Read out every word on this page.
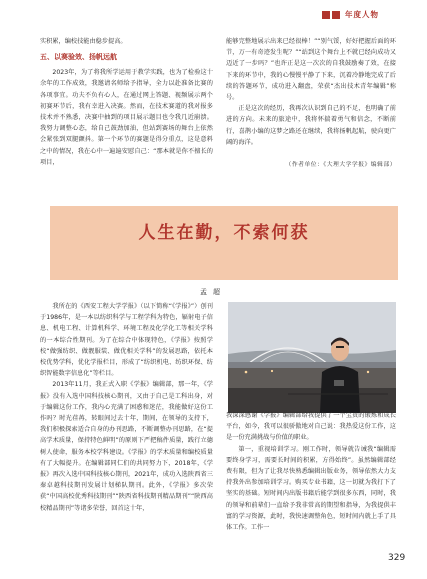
年度人物

实积累，编校技能由稳步提高。

五、以赛验效、扬帆远航

2023年，为了将我所学运用于教学实践，也为了检验这十余年的工作成效，我邀请名师给予指导，全力以赴准备比赛的各项事宜。功夫不负有心人，在通过网上答题、视频展示两个初赛环节后，我有幸进入决赛。然而，在技术赛道的我对报多技术并不熟悉，决赛中抽到的项目展示题目也令我几近崩溃。我努力调整心态，给自己鼓劲加油，但站到赛场的舞台上依然会紧张到双腿颤抖。第一个环节的赛题是得分重点，这是意料之中的情况，我在心中一遍遍安慰自己：“那本就是你不擅长的项目，

能够完整地展示出来已经很棒！”“别气馁，好好把握后面的环节，万一有奇迹发生呢？”“站到这个舞台上不就已经向成功又迈近了一步吗？”也许正是这一次次的自我鼓励奏了效，在接下来的环节中，我的心慢慢平静了下来，沉着冷静地完成了后续的答题环节，成功进入翻盘，荣获“杰出技术青年编辑”称号。

正是这次的经历，我再次认识到自己的不足，也明确了前进的方向。未来的旅途中，我将怀揣着勇气和信念，不断前行，喜鹊小编的这梦之路还在继续，我将扬帆起航，驶向更广阔的海洋。

（作者单位：《大理大学学报》编辑部）
人生在勤，不索何获
孟超

我所在的《西安工程大学学报》（以下简称“《学报》”）创刊于1986年，是一本以纺织科学与工程学科为特色，辐射电子信息、机电工程、计算机科学、环境工程及化学化工等相关学科的一本综合性期刊。为了在综合中体现特色，《学报》按照学校“做强纺织、做靓服装、做优相关学科”的发展思路，依托本校优势学科，优化学报栏目，形成了“纺织机电、纺织环保、纺织智能数字信息化”等栏目。

2013年11月，我正式入职《学报》编辑部，那一年，《学报》没有入选中国科技核心期刊，又由于自己是工科出身，对于编辑这份工作，我内心充满了困惑和迷茫，我能做好这份工作吗？时光荏苒，转眼间过去十年，期间，在领导的支持下，我们积极探索适合自身的办刊思路，不断调整办刊思路，在“提高学术质量，保持特色鲜明”的原则下严把稿件质量，践行立德树人使命，服务本校学科建设。《学报》的学术质量和编校质量有了大幅提升。在编辑部同仁们的共同努力下，2018年，《学报》再次入选中国科技核心期刊，2021年，成功入选陕西省三秦卓越科技期刊发展计划梯队期刊。此外，《学报》多次荣获“中国高校优秀科技期刊”“陕西省科技期刊精品期刊”“陕西高校精品期刊”等诸多荣誉，回首这十年，

我深深感谢《学报》编辑部给我提供了一个宝贵的锻炼和成长平台，如今，我可以很骄傲地对自己说：我热爱这份工作，这是一份充满挑战与价值的职业。

第一，重视培训学习。刚工作时，领导就告诫我“编辑需要终身学习，需要长时间的积累，方得始终”。虽然编辑部经费有限，但为了让我尽快熟悉编辑出版业务，领导依然大力支持我外出参加培训学习。购买专业书籍，这一切就为我打下了坚实的基础。短时间内出版书籍后能学到很多东西，同时，我的领导和前辈们一直给予我非常高的期望和指导，为我提供丰富的学习资源，此时，我快速调整角色，短时间内就上手了具体工作。工作一

329
